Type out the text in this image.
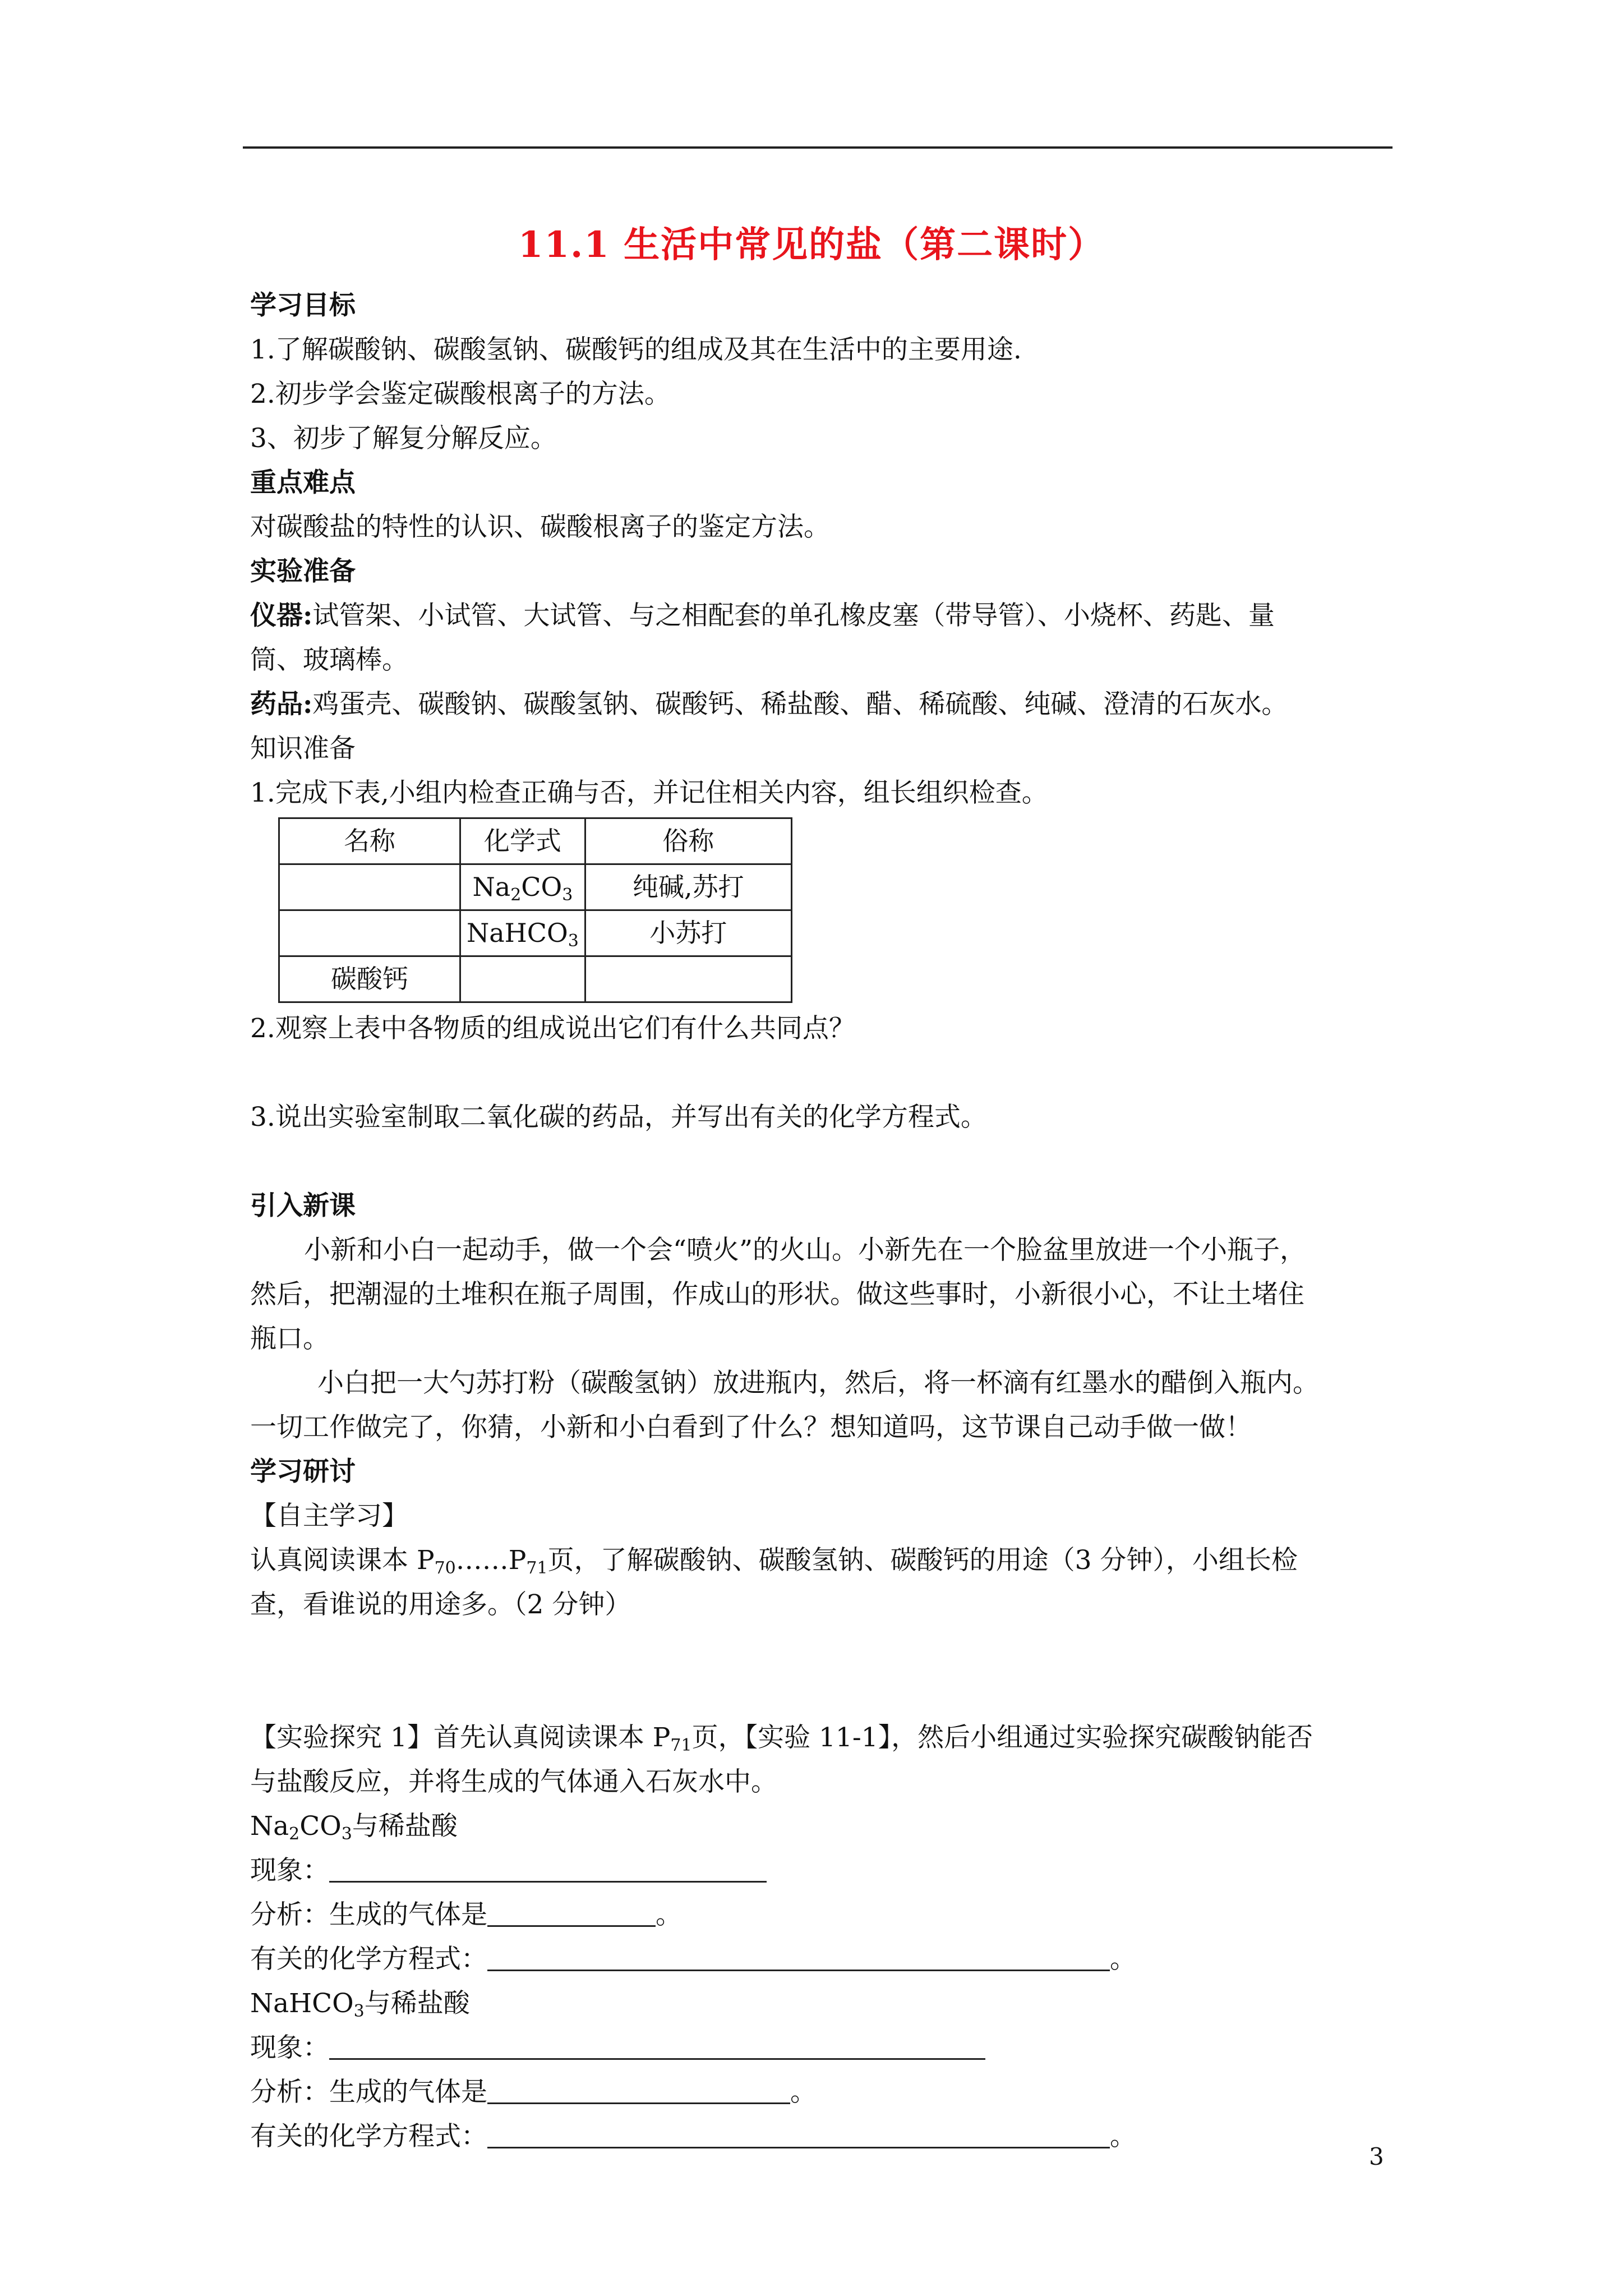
11.1 生活中常见的盐（第二课时）
学习目标
1.了解碳酸钠、碳酸氢钠、碳酸钙的组成及其在生活中的主要用途.
2.初步学会鉴定碳酸根离子的方法。
3、初步了解复分解反应。
重点难点
对碳酸盐的特性的认识、碳酸根离子的鉴定方法。
实验准备
仪器:试管架、小试管、大试管、与之相配套的单孔橡皮塞（带导管）、小烧杯、药匙、量
筒、玻璃棒。
药品:鸡蛋壳、碳酸钠、碳酸氢钠、碳酸钙、稀盐酸、醋、稀硫酸、纯碱、澄清的石灰水。
知识准备
1.完成下表,小组内检查正确与否，并记住相关内容，组长组织检查。
名称	化学式	俗称
	$Na_2CO_3$	纯碱,苏打
	NaHCO$_3$	小苏打
碳酸钙		
2.观察上表中各物质的组成说出它们有什么共同点？
3.说出实验室制取二氧化碳的药品，并写出有关的化学方程式。
引入新课
小新和小白一起动手，做一个会“喷火”的火山。小新先在一个脸盆里放进一个小瓶子，
然后，把潮湿的土堆积在瓶子周围，作成山的形状。做这些事时，小新很小心，不让土堵住
瓶口。
小白把一大勺苏打粉（碳酸氢钠）放进瓶内，然后，将一杯滴有红墨水的醋倒入瓶内。
一切工作做完了，你猜，小新和小白看到了什么？想知道吗，这节课自己动手做一做！
学习研讨
【自主学习】
认真阅读课本 $P_{70}\dots\dots P_{71}$页，了解碳酸钠、碳酸氢钠、碳酸钙的用途（3 分钟），小组长检
查，看谁说的用途多。（2 分钟）
【实验探究 1】首先认真阅读课本 $P_{71}$页，【实验 11-1】，然后小组通过实验探究碳酸钠能否
与盐酸反应，并将生成的气体通入石灰水中。
$Na_2CO_3$与稀盐酸
现象：
分析：生成的气体是	。
有关的化学方程式：	。
NaHCO$_3$与稀盐酸
现象：
分析：生成的气体是	。
有关的化学方程式：	。
3
